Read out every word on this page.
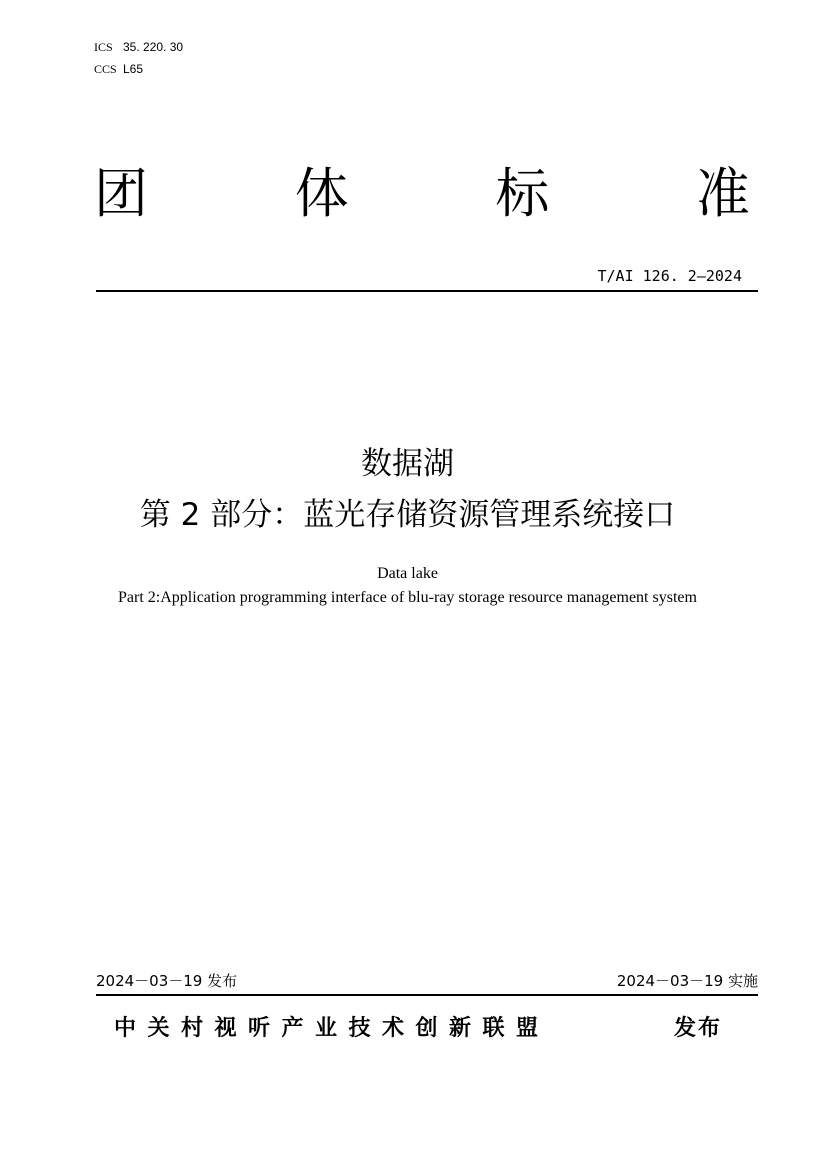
ICS 35. 220. 30
CCS L65
团	体	标	准
T/AI 126. 2—2024
数据湖
第 2 部分：蓝光存储资源管理系统接口
Data lake
Part 2:Application programming interface of blu-ray storage resource management system
2024－03－19 发布	2024－03－19 实施
中关村视听产业技术创新联盟	发布
